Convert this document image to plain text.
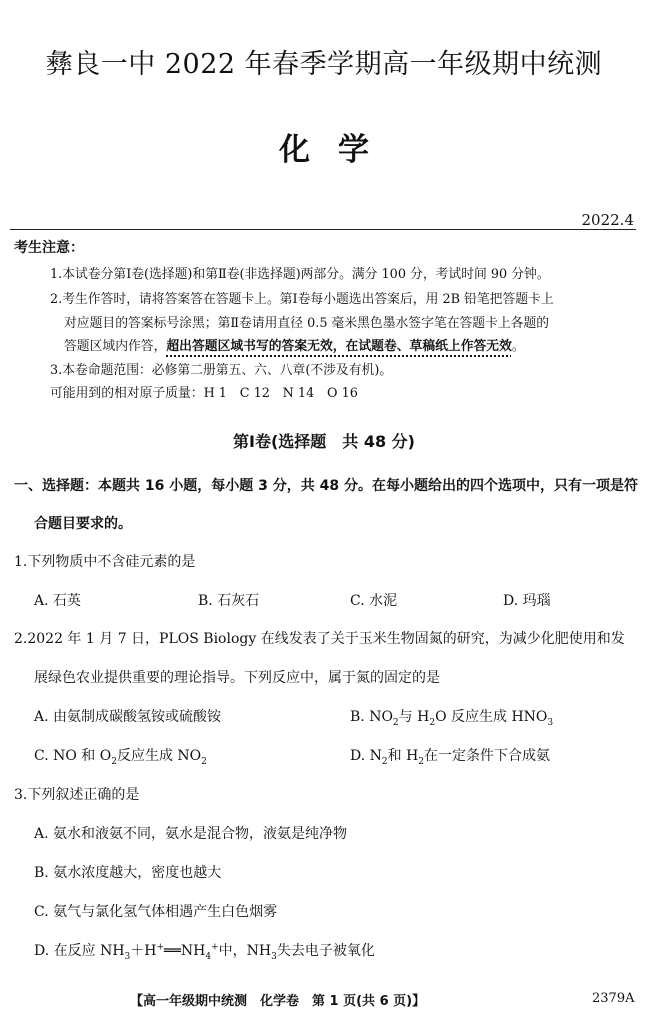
彝良一中 2022 年春季学期高一年级期中统测
化学
2022.4
考生注意：
1.本试卷分第Ⅰ卷(选择题)和第Ⅱ卷(非选择题)两部分。满分 100 分，考试时间 90 分钟。
2.考生作答时，请将答案答在答题卡上。第Ⅰ卷每小题选出答案后，用 2B 铅笔把答题卡上
对应题目的答案标号涂黑；第Ⅱ卷请用直径 0.5 毫米黑色墨水签字笔在答题卡上各题的
答题区域内作答，超出答题区域书写的答案无效，在试题卷、草稿纸上作答无效。
3.本卷命题范围：必修第二册第五、六、八章(不涉及有机)。
可能用到的相对原子质量：H 1　C 12　N 14　O 16
第Ⅰ卷(选择题　共 48 分)
一、选择题：本题共 16 小题，每小题 3 分，共 48 分。在每小题给出的四个选项中，只有一项是符
合题目要求的。
1.下列物质中不含硅元素的是
A. 石英	B. 石灰石	C. 水泥	D. 玛瑙
2.2022 年 1 月 7 日，PLOS Biology 在线发表了关于玉米生物固氮的研究，为减少化肥使用和发
展绿色农业提供重要的理论指导。下列反应中，属于氮的固定的是
A. 由氨制成碳酸氢铵或硫酸铵	B. $NO_2$与 $H_2O$ 反应生成 $HNO_3$
C. NO 和 $O_2$反应生成 $NO_2$	D. $N_2$和 $H_2$在一定条件下合成氨
3.下列叙述正确的是
A. 氨水和液氨不同，氨水是混合物，液氨是纯净物
B. 氨水浓度越大，密度也越大
C. 氨气与氯化氢气体相遇产生白色烟雾
D. 在反应 $NH_3+H^+══NH_4^+$中，$NH_3$失去电子被氧化
【高一年级期中统测　化学卷　第 1 页(共 6 页)】	2379A
